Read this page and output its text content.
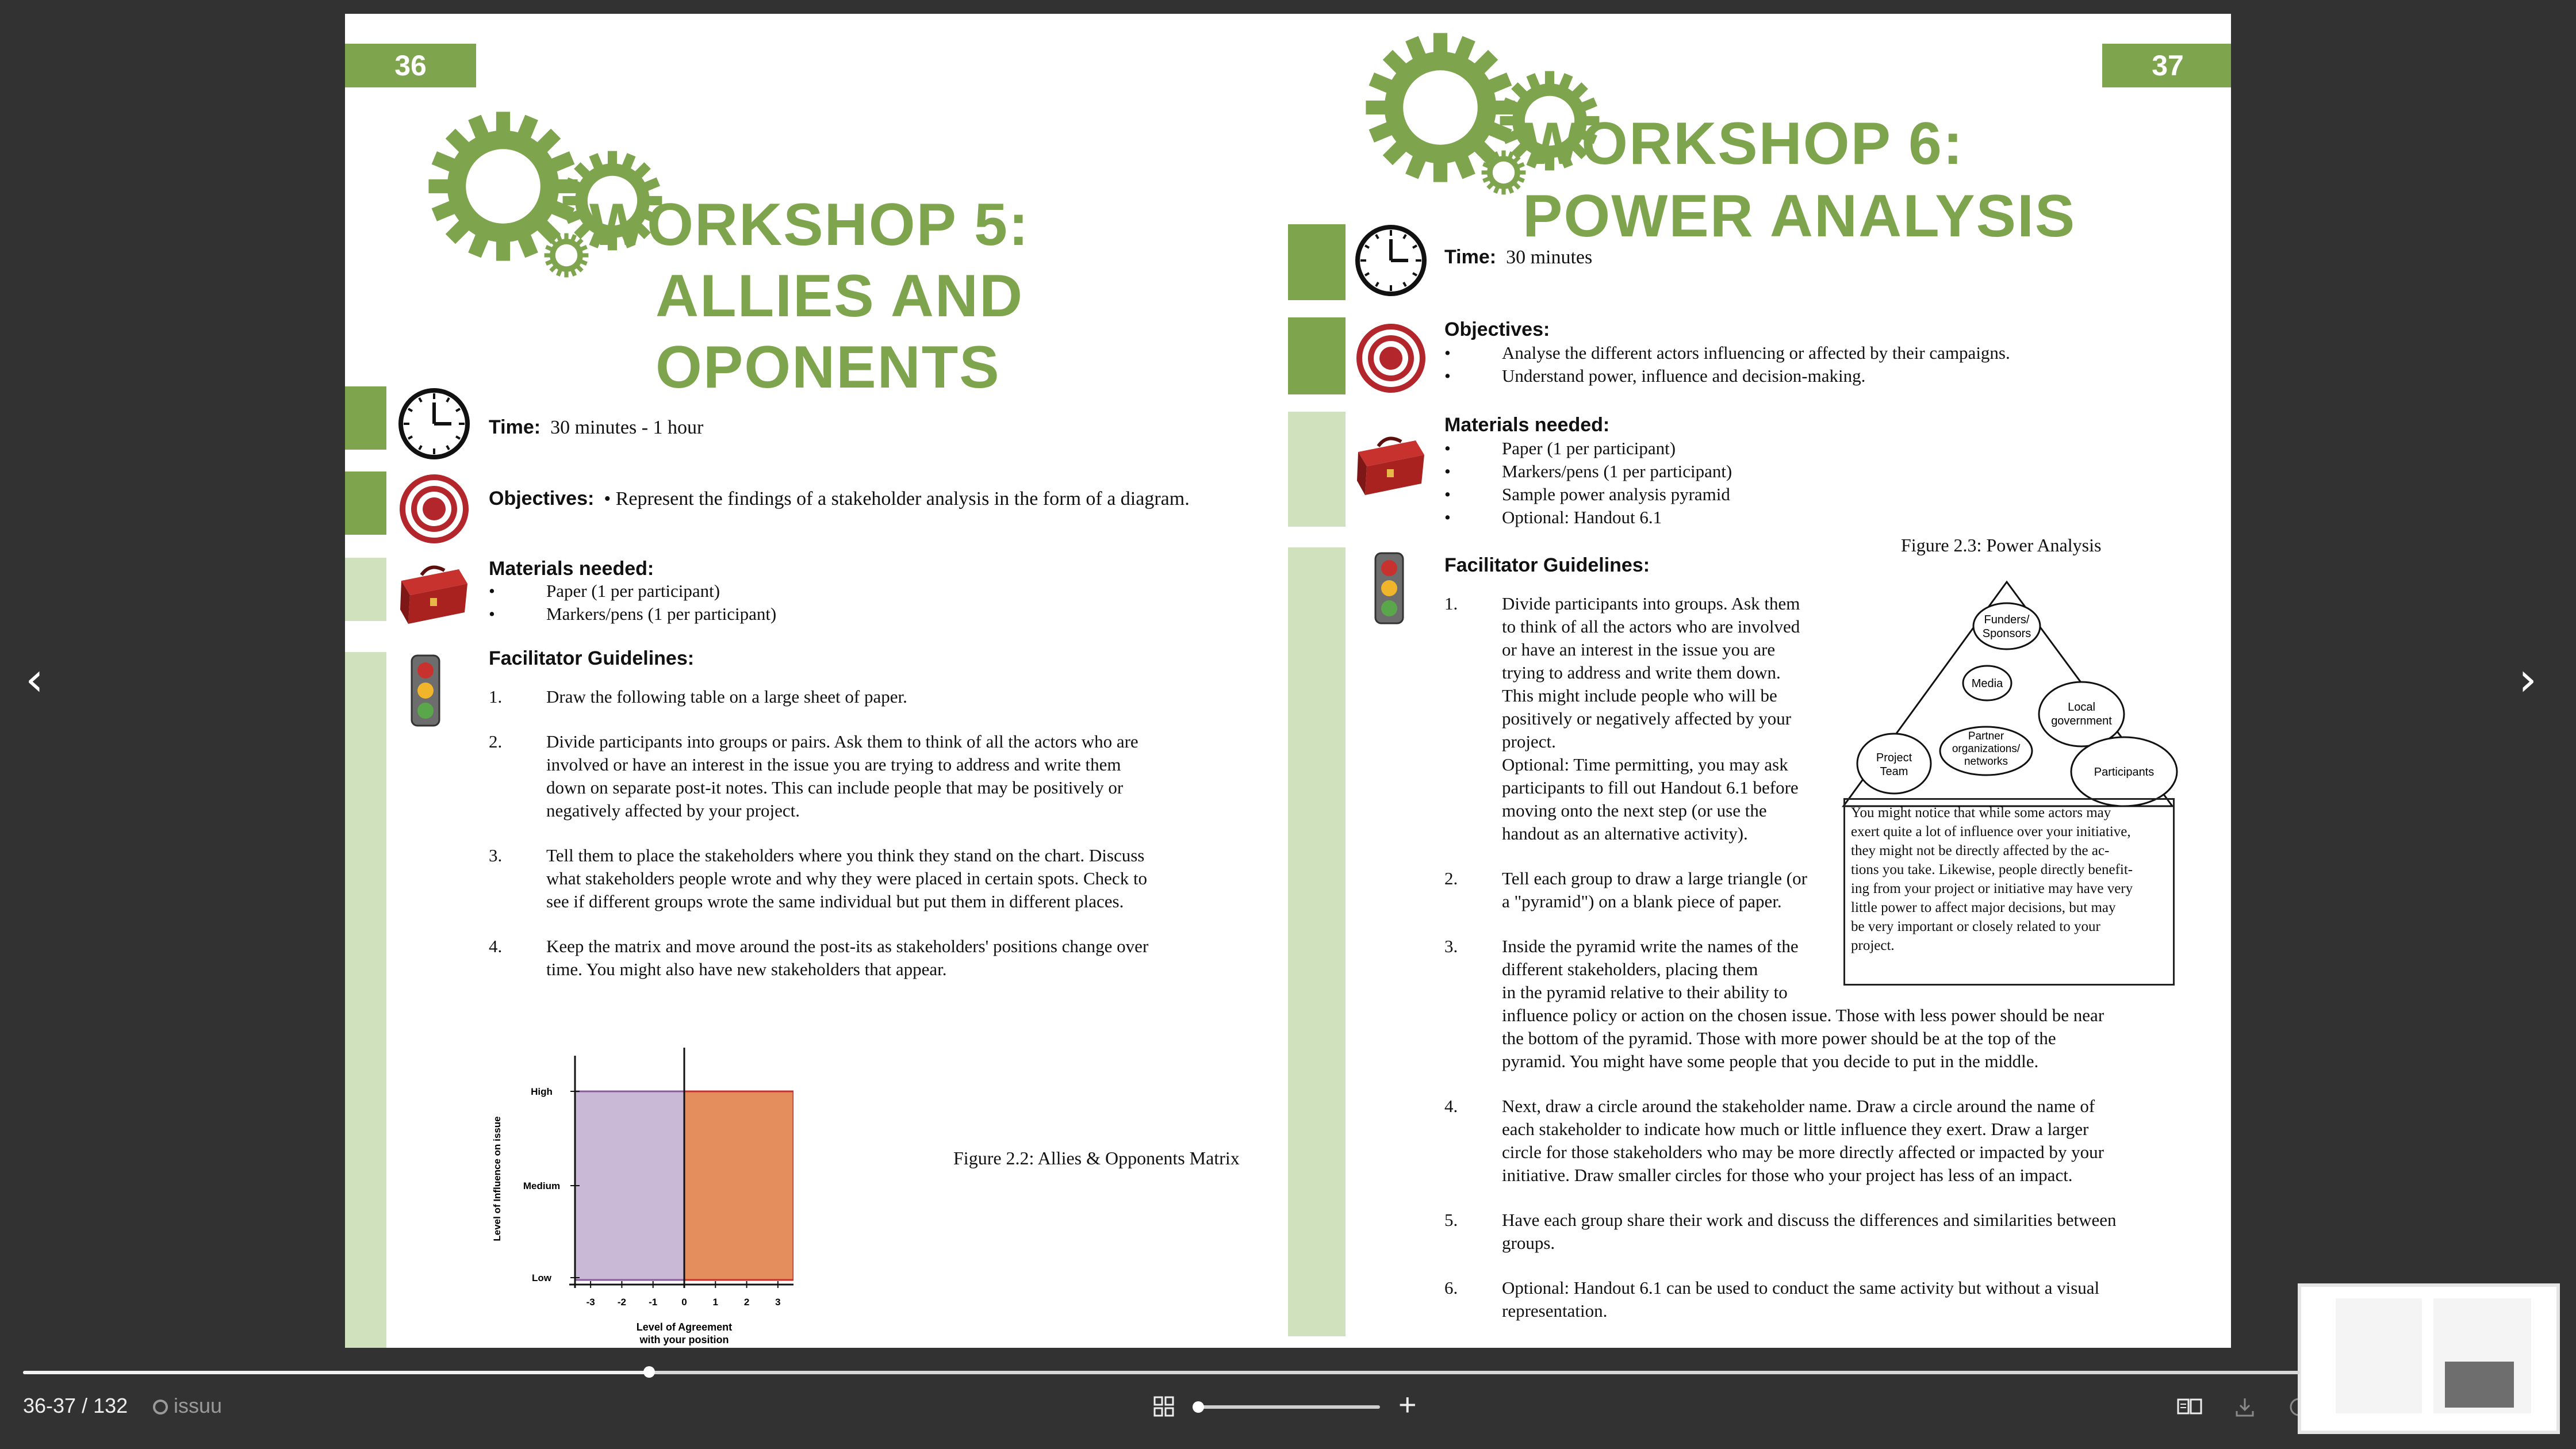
36
WORKSHOP 5:
ALLIES AND
OPONENTS
Time: 30 minutes - 1 hour
Objectives: • Represent the findings of a stakeholder analysis in the form of a diagram.
Materials needed:
•	Paper (1 per participant)
•	Markers/pens (1 per participant)
Facilitator Guidelines:
1. Draw the following table on a large sheet of paper.
2. Divide participants into groups or pairs. Ask them to think of all the actors who are
involved or have an interest in the issue you are trying to address and write them
down on separate post-it notes. This can include people that may be positively or
negatively affected by your project.
3. Tell them to place the stakeholders where you think they stand on the chart. Discuss
what stakeholders people wrote and why they were placed in certain spots. Check to
see if different groups wrote the same individual but put them in different places.
4. Keep the matrix and move around the post-its as stakeholders' positions change over
time. You might also have new stakeholders that appear.
-3 -2 -1 0	1	2	3
Low
Medium
High
Level of Agreement with your position
Level of Influence on issue	Figure 2.2: Allies & Opponents Matrix
37
WORKSHOP 6:
POWER ANALYSIS
Time: 30 minutes
Objectives:
•	Analyse the different actors influencing or affected by their campaigns.
•	Understand power, influence and decision-making.
Materials needed:
•	Paper (1 per participant)
•	Markers/pens (1 per participant)
•	Sample power analysis pyramid
•	Optional: Handout 6.1
Figure 2.3: Power Analysis
Funders/
Sponsors
Media
Local
government
Participants
Partner
organizations/
networks
Project
Team
You might notice that while some actors may
exert quite a lot of influence over your initiative,
they might not be directly affected by the ac-
tions you take. Likewise, people directly benefit-
ing from your project or initiative may have very
little power to affect major decisions, but may
be very important or closely related to your
project.
Facilitator Guidelines:
1. Divide participants into groups. Ask them
to think of all the actors who are involved
or have an interest in the issue you are
trying to address and write them down.
This might include people who will be
positively or negatively affected by your
project.
Optional: Time permitting, you may ask
participants to fill out Handout 6.1 before
moving onto the next step (or use the
handout as an alternative activity).
2. Tell each group to draw a large triangle (or
a "pyramid") on a blank piece of paper.
3. Inside the pyramid write the names of the
different stakeholders, placing them
in the pyramid relative to their ability to
influence policy or action on the chosen issue. Those with less power should be near
the bottom of the pyramid. Those with more power should be at the top of the
pyramid. You might have some people that you decide to put in the middle.
4. Next, draw a circle around the stakeholder name. Draw a circle around the name of
each stakeholder to indicate how much or little influence they exert. Draw a larger
circle for those stakeholders who may be more directly affected or impacted by your
initiative. Draw smaller circles for those who your project has less of an impact.
5. Have each group share their work and discuss the differences and similarities between
groups.
6. Optional: Handout 6.1 can be used to conduct the same activity but without a visual
representation.
‹	›
36-37 / 132	issuu	+
